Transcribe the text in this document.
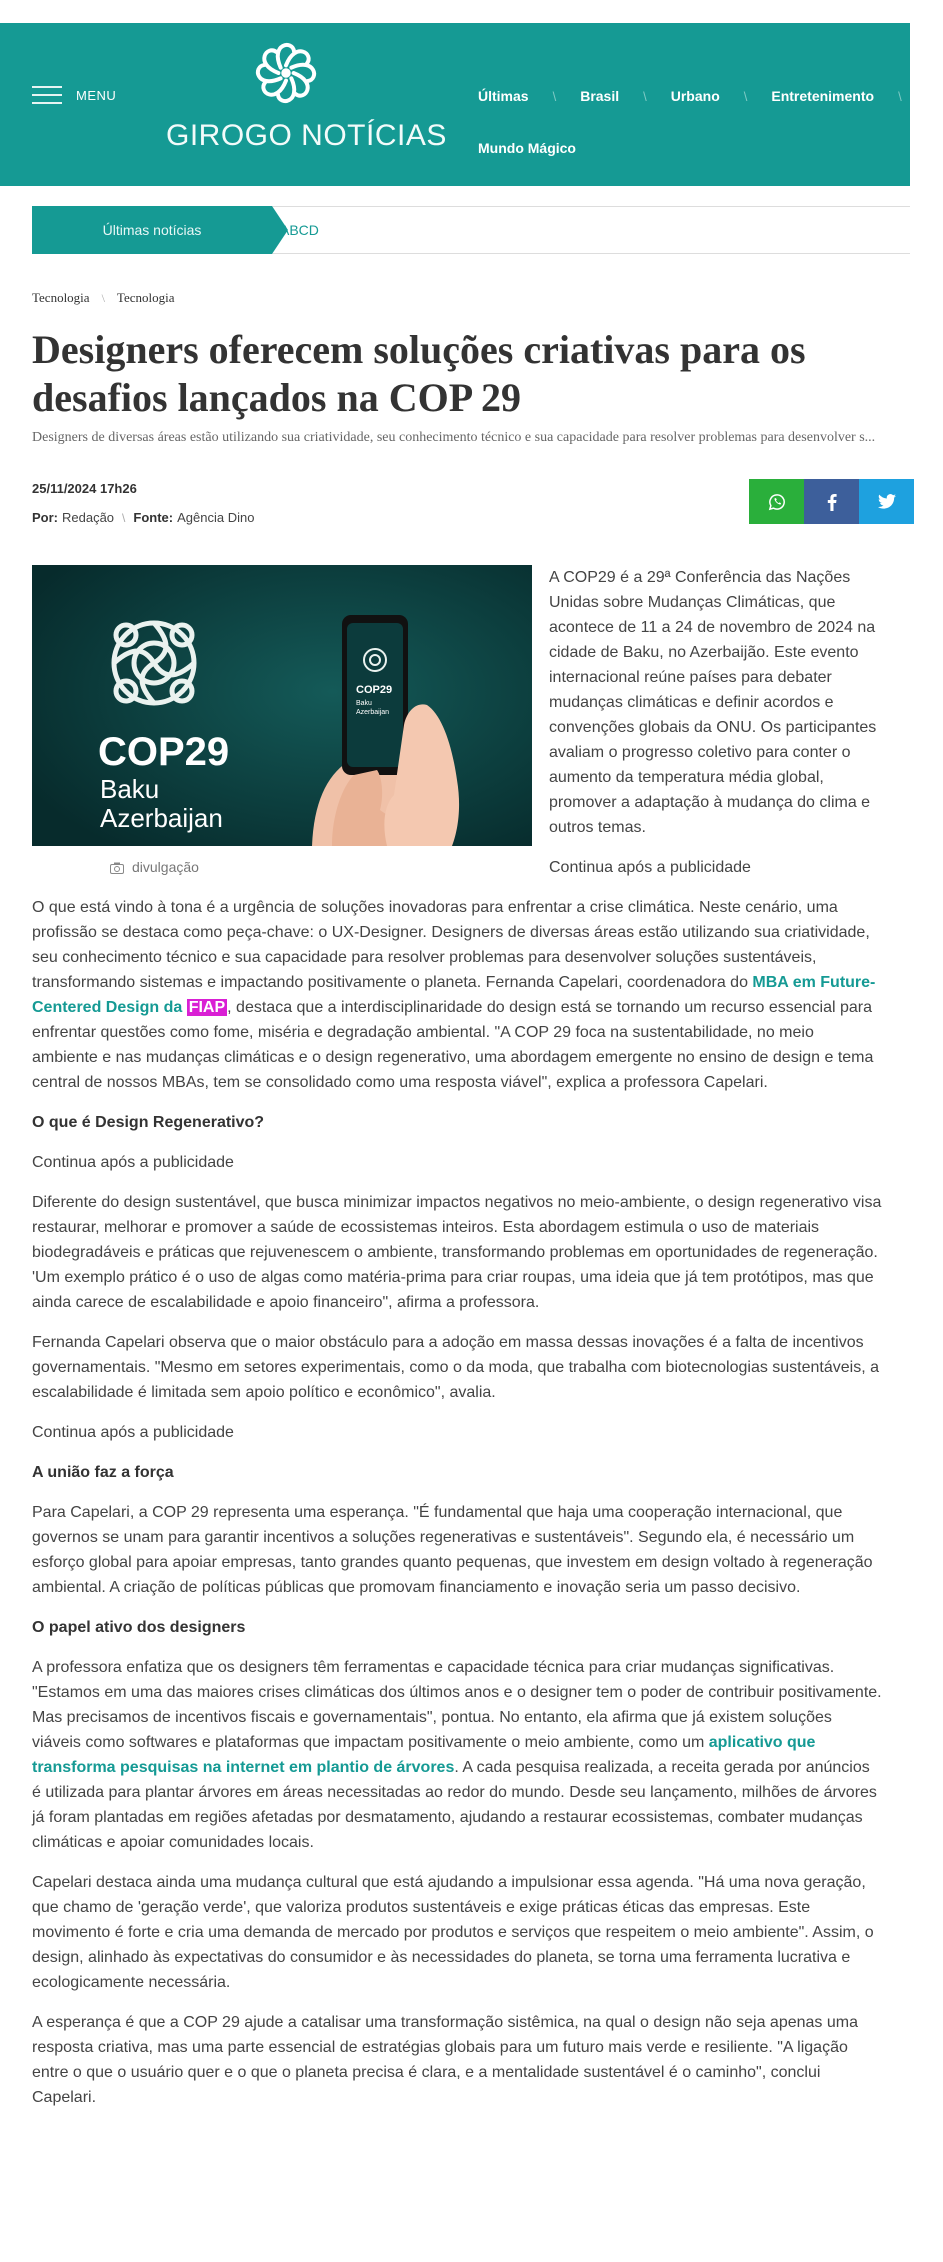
MENU
GIROGO NOTÍCIAS
Últimas \ Brasil \ Urbano \ Entretenimento \ Es
Mundo Mágico
Últimas notícias	ABCD
Tecnologia \ Tecnologia
Designers oferecem soluções criativas para os desafios lançados na COP 29

Designers de diversas áreas estão utilizando sua criatividade, seu conhecimento técnico e sua capacidade para resolver problemas para desenvolver s...

25/11/2024 17h26
Por: Redação \ Fonte: Agência Dino
COP29
Baku
Azerbaijan
COP29
Baku
Azerbaijan
divulgação

A COP29 é a 29ª Conferência das Nações Unidas sobre Mudanças Climáticas, que acontece de 11 a 24 de novembro de 2024 na cidade de Baku, no Azerbaijão. Este evento internacional reúne países para debater mudanças climáticas e definir acordos e convenções globais da ONU. Os participantes avaliam o progresso coletivo para conter o aumento da temperatura média global, promover a adaptação à mudança do clima e outros temas.

Continua após a publicidade

O que está vindo à tona é a urgência de soluções inovadoras para enfrentar a crise climática. Neste cenário, uma profissão se destaca como peça-chave: o UX-Designer. Designers de diversas áreas estão utilizando sua criatividade, seu conhecimento técnico e sua capacidade para resolver problemas para desenvolver soluções sustentáveis, transformando sistemas e impactando positivamente o planeta. Fernanda Capelari, coordenadora do MBA em Future-Centered Design da FIAP , destaca que a interdisciplinaridade do design está se tornando um recurso essencial para enfrentar questões como fome, miséria e degradação ambiental. "A COP 29 foca na sustentabilidade, no meio ambiente e nas mudanças climáticas e o design regenerativo, uma abordagem emergente no ensino de design e tema central de nossos MBAs, tem se consolidado como uma resposta viável", explica a professora Capelari.

O que é Design Regenerativo?

Continua após a publicidade

Diferente do design sustentável, que busca minimizar impactos negativos no meio-ambiente, o design regenerativo visa restaurar, melhorar e promover a saúde de ecossistemas inteiros. Esta abordagem estimula o uso de materiais biodegradáveis e práticas que rejuvenescem o ambiente, transformando problemas em oportunidades de regeneração. 'Um exemplo prático é o uso de algas como matéria-prima para criar roupas, uma ideia que já tem protótipos, mas que ainda carece de escalabilidade e apoio financeiro", afirma a professora.

Fernanda Capelari observa que o maior obstáculo para a adoção em massa dessas inovações é a falta de incentivos governamentais. "Mesmo em setores experimentais, como o da moda, que trabalha com biotecnologias sustentáveis, a escalabilidade é limitada sem apoio político e econômico", avalia.

Continua após a publicidade

A união faz a força

Para Capelari, a COP 29 representa uma esperança. "É fundamental que haja uma cooperação internacional, que governos se unam para garantir incentivos a soluções regenerativas e sustentáveis". Segundo ela, é necessário um esforço global para apoiar empresas, tanto grandes quanto pequenas, que investem em design voltado à regeneração ambiental. A criação de políticas públicas que promovam financiamento e inovação seria um passo decisivo.

O papel ativo dos designers

A professora enfatiza que os designers têm ferramentas e capacidade técnica para criar mudanças significativas. "Estamos em uma das maiores crises climáticas dos últimos anos e o designer tem o poder de contribuir positivamente. Mas precisamos de incentivos fiscais e governamentais", pontua. No entanto, ela afirma que já existem soluções viáveis como softwares e plataformas que impactam positivamente o meio ambiente, como um aplicativo que transforma pesquisas na internet em plantio de árvores. A cada pesquisa realizada, a receita gerada por anúncios é utilizada para plantar árvores em áreas necessitadas ao redor do mundo. Desde seu lançamento, milhões de árvores já foram plantadas em regiões afetadas por desmatamento, ajudando a restaurar ecossistemas, combater mudanças climáticas e apoiar comunidades locais.

Capelari destaca ainda uma mudança cultural que está ajudando a impulsionar essa agenda. "Há uma nova geração, que chamo de 'geração verde', que valoriza produtos sustentáveis e exige práticas éticas das empresas. Este movimento é forte e cria uma demanda de mercado por produtos e serviços que respeitem o meio ambiente". Assim, o design, alinhado às expectativas do consumidor e às necessidades do planeta, se torna uma ferramenta lucrativa e ecologicamente necessária.

A esperança é que a COP 29 ajude a catalisar uma transformação sistêmica, na qual o design não seja apenas uma resposta criativa, mas uma parte essencial de estratégias globais para um futuro mais verde e resiliente. "A ligação entre o que o usuário quer e o que o planeta precisa é clara, e a mentalidade sustentável é o caminho", conclui Capelari.
